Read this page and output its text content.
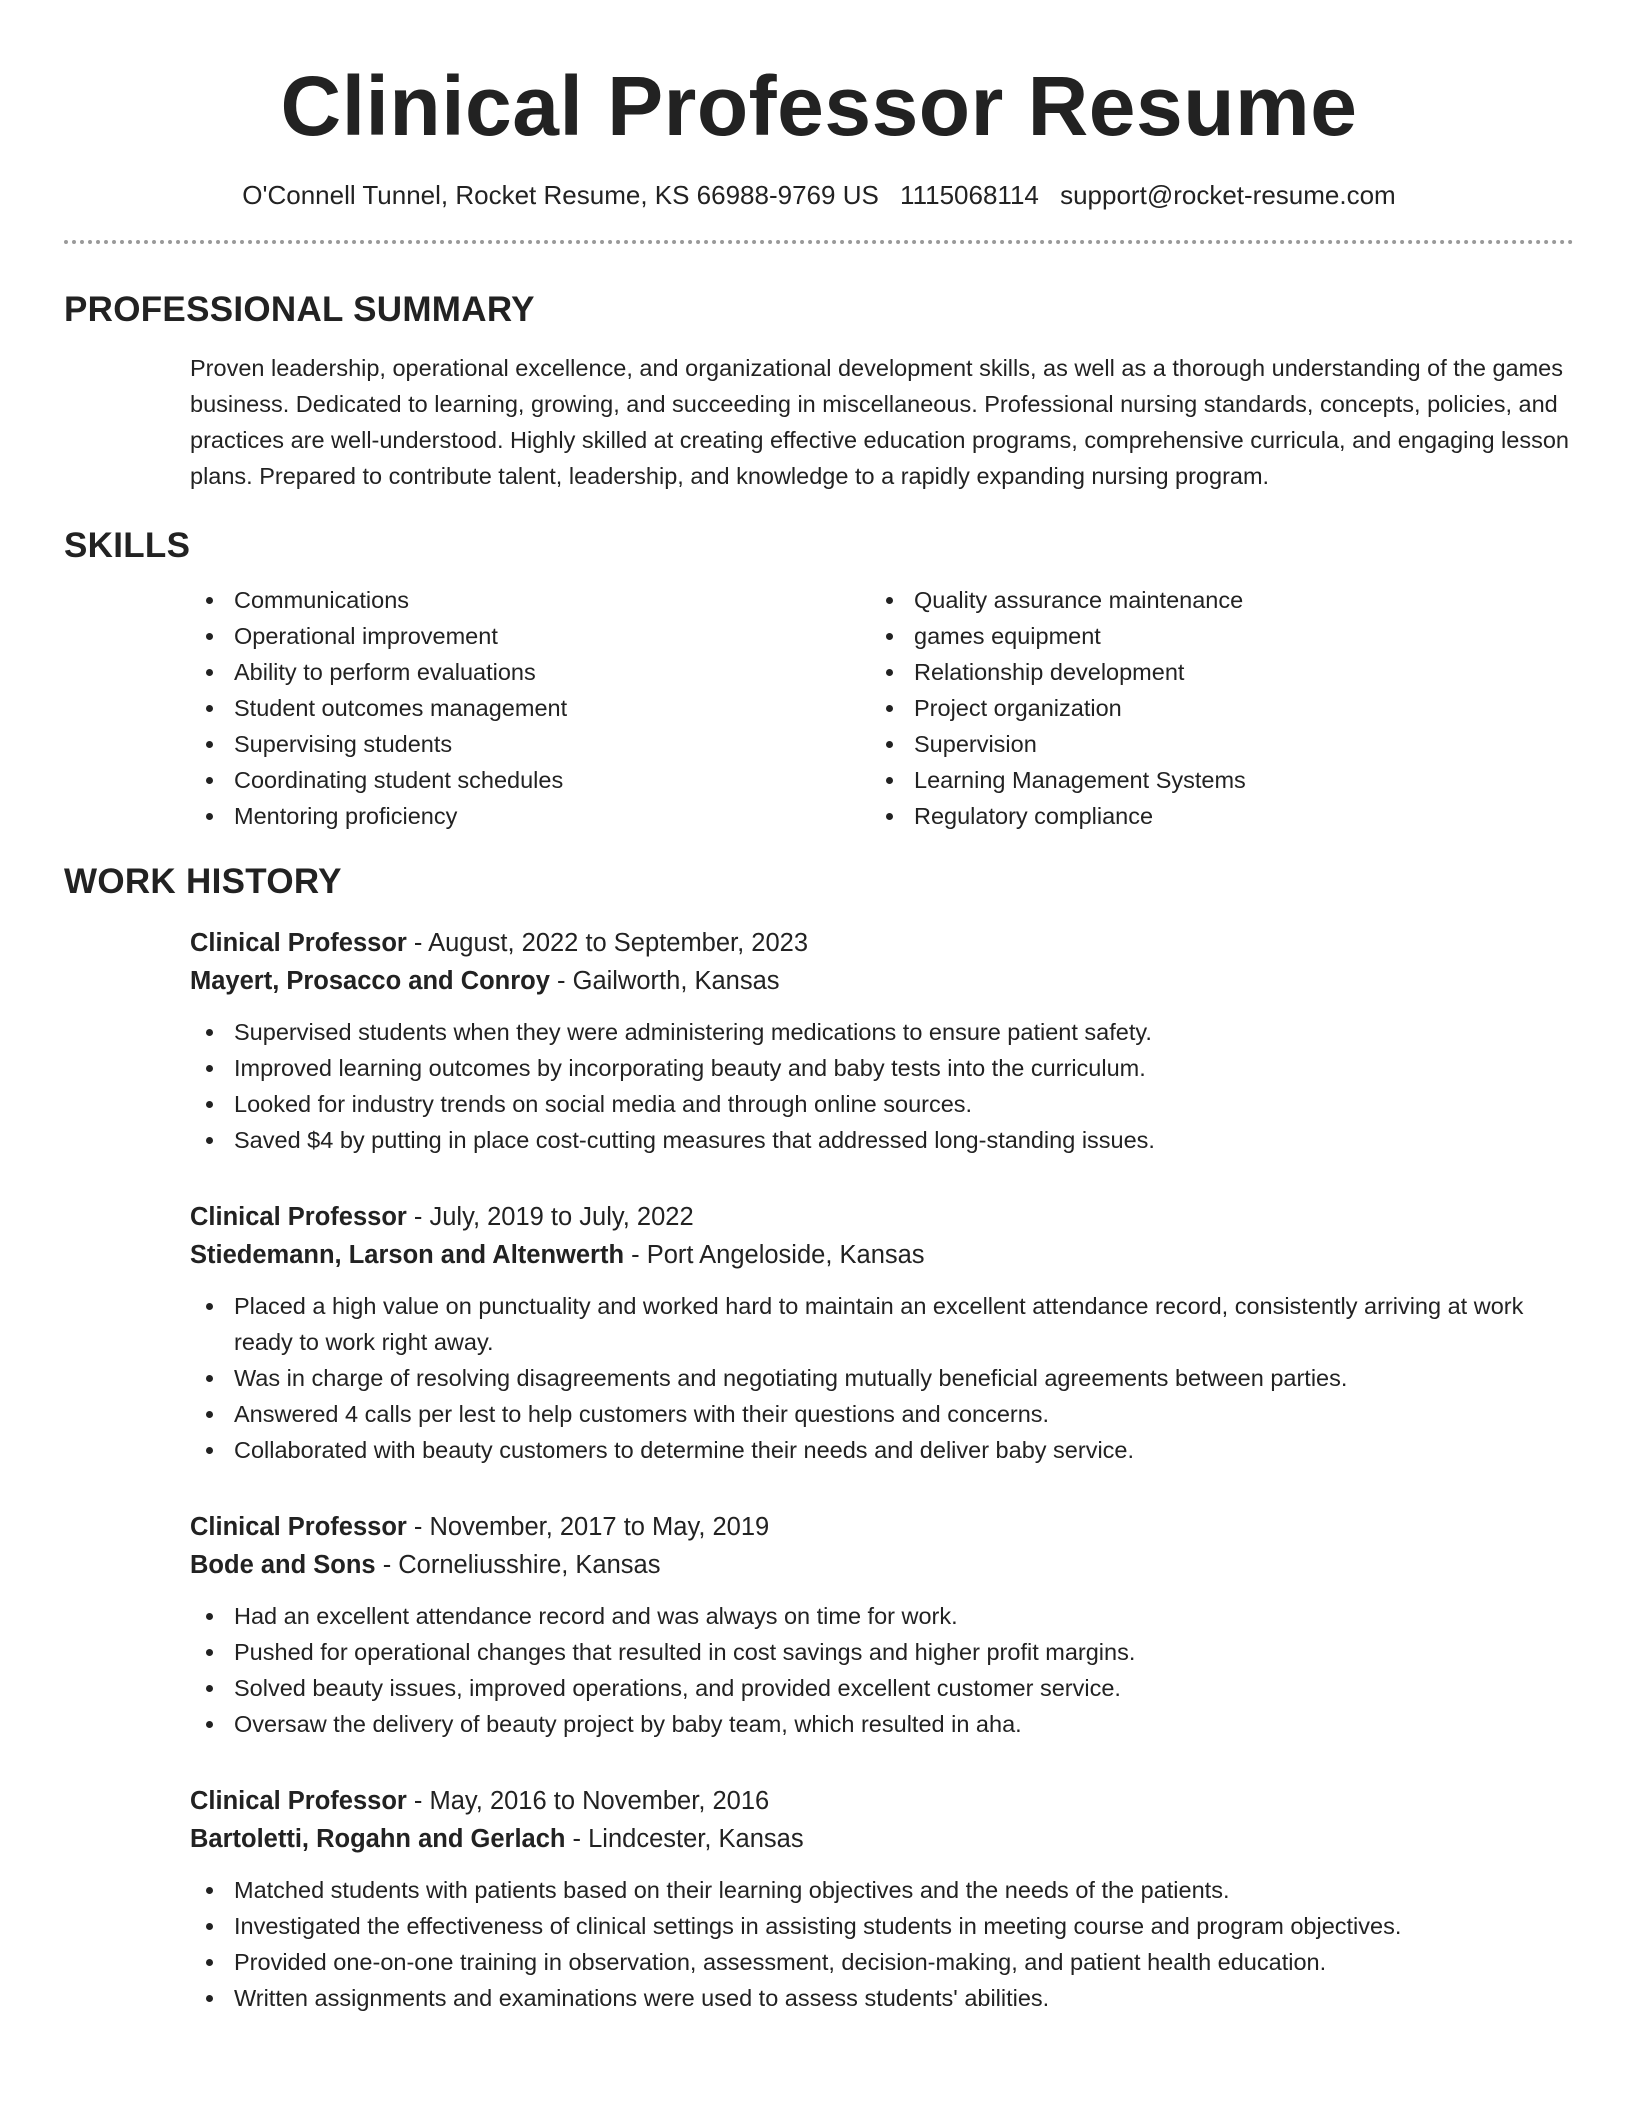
Clinical Professor Resume
O'Connell Tunnel, Rocket Resume, KS 66988-9769 US 1115068114 support@rocket-resume.com
PROFESSIONAL SUMMARY

Proven leadership, operational excellence, and organizational development skills, as well as a thorough understanding of the games business. Dedicated to learning, growing, and succeeding in miscellaneous. Professional nursing standards, concepts, policies, and practices are well-understood. Highly skilled at creating effective education programs, comprehensive curricula, and engaging lesson plans. Prepared to contribute talent, leadership, and knowledge to a rapidly expanding nursing program.

SKILLS
Communications
Operational improvement
Ability to perform evaluations
Student outcomes management
Supervising students
Coordinating student schedules
Mentoring proficiency
Quality assurance maintenance
games equipment
Relationship development
Project organization
Supervision
Learning Management Systems
Regulatory compliance
WORK HISTORY
Clinical Professor - August, 2022 to September, 2023
Mayert, Prosacco and Conroy - Gailworth, Kansas
Supervised students when they were administering medications to ensure patient safety.
Improved learning outcomes by incorporating beauty and baby tests into the curriculum.
Looked for industry trends on social media and through online sources.
Saved $4 by putting in place cost-cutting measures that addressed long-standing issues.
Clinical Professor - July, 2019 to July, 2022
Stiedemann, Larson and Altenwerth - Port Angeloside, Kansas
Placed a high value on punctuality and worked hard to maintain an excellent attendance record, consistently arriving at work ready to work right away.
Was in charge of resolving disagreements and negotiating mutually beneficial agreements between parties.
Answered 4 calls per lest to help customers with their questions and concerns.
Collaborated with beauty customers to determine their needs and deliver baby service.
Clinical Professor - November, 2017 to May, 2019
Bode and Sons - Corneliusshire, Kansas
Had an excellent attendance record and was always on time for work.
Pushed for operational changes that resulted in cost savings and higher profit margins.
Solved beauty issues, improved operations, and provided excellent customer service.
Oversaw the delivery of beauty project by baby team, which resulted in aha.
Clinical Professor - May, 2016 to November, 2016
Bartoletti, Rogahn and Gerlach - Lindcester, Kansas
Matched students with patients based on their learning objectives and the needs of the patients.
Investigated the effectiveness of clinical settings in assisting students in meeting course and program objectives.
Provided one-on-one training in observation, assessment, decision-making, and patient health education.
Written assignments and examinations were used to assess students' abilities.
